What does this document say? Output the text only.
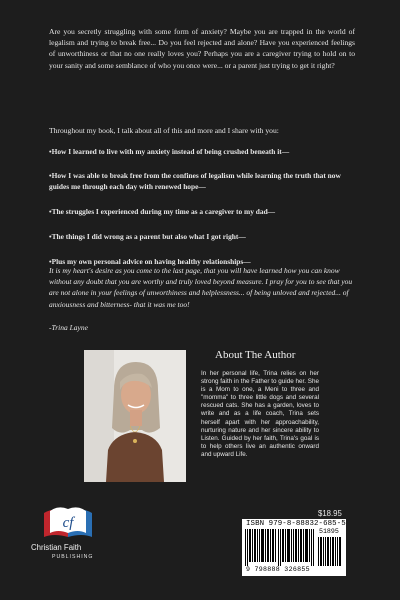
Are you secretly struggling with some form of anxiety? Maybe you are trapped in the world of legalism and trying to break free... Do you feel rejected and alone? Have you experienced feelings of unworthiness or that no one really loves you? Perhaps you are a caregiver trying to hold on to your sanity and some semblance of who you once were... or a parent just trying to get it right?

Throughout my book, I talk about all of this and more and I share with you:

•How I learned to live with my anxiety instead of being crushed beneath it—

•How I was able to break free from the confines of legalism while learning the truth that now guides me through each day with renewed hope—

•The struggles I experienced during my time as a caregiver to my dad—

•The things I did wrong as a parent but also what I got right—

•Plus my own personal advice on having healthy relationships—

It is my heart's desire as you come to the last page, that you will have learned how you can know without any doubt that you are worthy and truly loved beyond measure. I pray for you to see that you are not alone in your feelings of unworthiness and helplessness... of being unloved and rejected... of anxiousness and bitterness- that it was me too!

-Trina Layne

About The Author

In her personal life, Trina relies on her strong faith in the Father to guide her. She is a Mom to one, a Meni to three and "momma" to three little dogs and several rescued cats. She has a garden, loves to write and as a life coach, Trina sets herself apart with her approachability, nurturing nature and her sincere ability to Listen. Guided by her faith, Trina's goal is to help others live an authentic onward and upward Life.

$18.95

ISBN 979-8-88832-685-5
51895
9 798888 326855
cf

Christian Faith

PUBLISHING
